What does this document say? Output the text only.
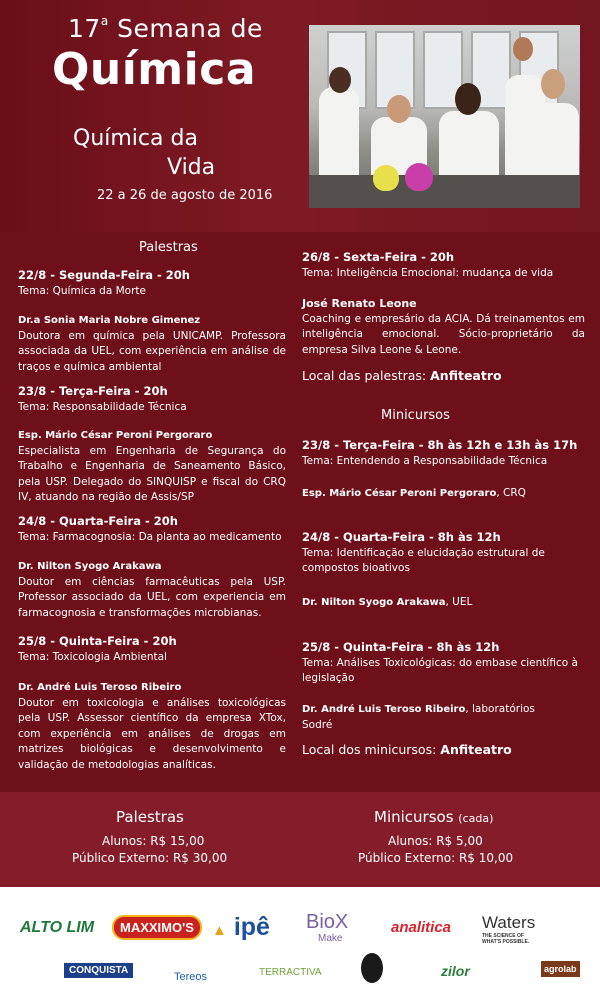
17$^a$ Semana de
Química
Química da
Vida
22 a 26 de agosto de 2016
Palestras
22/8 - Segunda-Feira - 20h
Tema: Química da Morte
Dr.a Sonia Maria Nobre Gimenez
Doutora em química pela UNICAMP. Professora associada da UEL, com experiência em análise de traços e química ambiental
23/8 - Terça-Feira - 20h
Tema: Responsabilidade Técnica
Esp. Mário César Peroni Pergoraro
Especialista em Engenharia de Segurança do Trabalho e Engenharia de Saneamento Básico, pela USP. Delegado do SINQUISP e fiscal do CRQ IV, atuando na região de Assis/SP
24/8 - Quarta-Feira - 20h
Tema: Farmacognosia: Da planta ao medicamento
Dr. Nilton Syogo Arakawa
Doutor em ciências farmacêuticas pela USP. Professor associado da UEL, com experiencia em farmacognosia e transformações microbianas.
25/8 - Quinta-Feira - 20h
Tema: Toxicologia Ambiental
Dr. André Luis Teroso Ribeiro
Doutor em toxicologia e análises toxicológicas pela USP. Assessor científico da empresa XTox, com experiência em análises de drogas em matrizes biológicas e desenvolvimento e validação de metodologias analíticas.
26/8 - Sexta-Feira - 20h
Tema: Inteligência Emocional: mudança de vida
José Renato Leone
Coaching e empresário da ACIA. Dá treinamentos em inteligência emocional. Sócio-proprietário da empresa Silva Leone & Leone.
Local das palestras: Anfiteatro
Minicursos
23/8 - Terça-Feira - 8h às 12h e 13h às 17h
Tema: Entendendo a Responsabilidade Técnica
Esp. Mário César Peroni Pergoraro, CRQ
24/8 - Quarta-Feira - 8h às 12h
Tema: Identificação e elucidação estrutural de compostos bioativos
Dr. Nilton Syogo Arakawa, UEL
25/8 - Quinta-Feira - 8h às 12h
Tema: Análises Toxicológicas: do embase científico à legislação
Dr. André Luis Teroso Ribeiro, laboratórios Sodré
Local dos minicursos: Anfiteatro
Palestras
Alunos: R$ 15,00
Público Externo: R$ 30,00
Minicursos (cada)
Alunos: R$ 5,00
Público Externo: R$ 10,00
ALTO LIM	MAXXIMO'S	▲ ipê BioX
Make
analitica Waters
THE SCIENCE OF WHAT'S POSSIBLE.
CONQUISTA
Tereos	TERRACTIVA	zilor	agrolab
